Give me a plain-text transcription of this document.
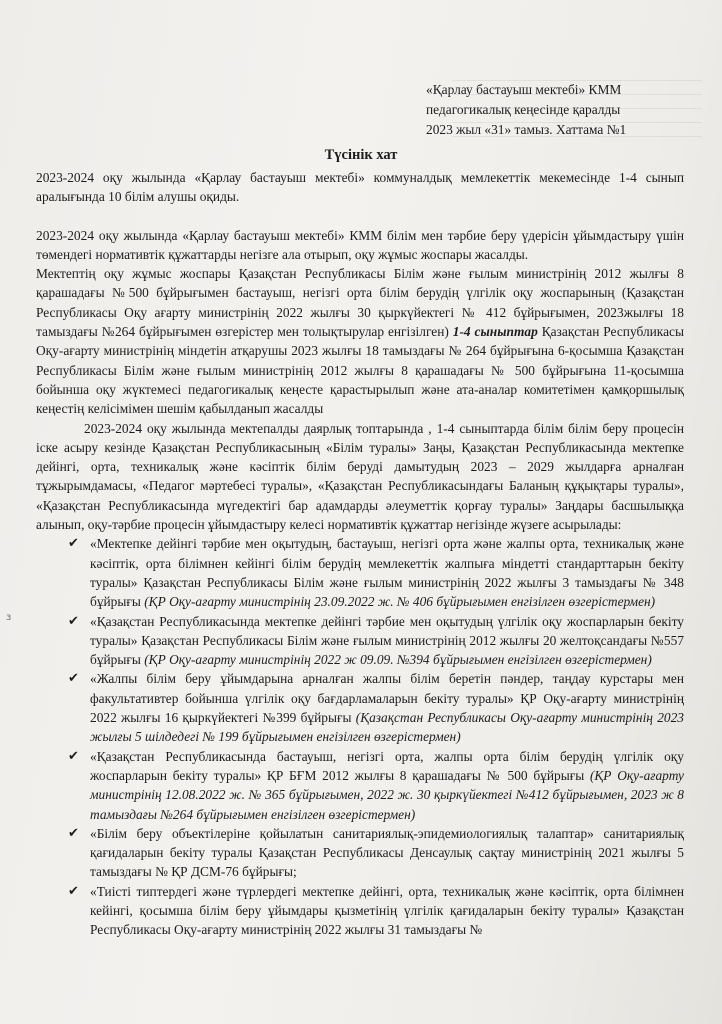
«Қарлау бастауыш мектебі» КММ
педагогикалық кеңесінде қаралды
2023 жыл «31» тамыз. Хаттама №1
Түсінік хат

2023-2024 оқу жылында «Қарлау бастауыш мектебі» коммуналдық мемлекеттік мекемесінде 1-4 сынып аралығында 10 білім алушы оқиды.

2023-2024 оқу жылында «Қарлау бастауыш мектебі» КММ білім мен тәрбие беру үдерісін ұйымдастыру үшін төмендегі нормативтік құжаттарды негізге ала отырып, оқу жұмыс жоспары жасалды.

Мектептің оқу жұмыс жоспары Қазақстан Республикасы Білім және ғылым министрінің 2012 жылғы 8 қарашадағы №500 бұйрығымен бастауыш, негізгі орта білім берудің үлгілік оқу жоспарының (Қазақстан Республикасы Оқу ағарту министрінің 2022 жылғы 30 қыркүйектегі № 412 бұйрығымен, 2023жылғы 18 тамыздағы №264 бұйрығымен өзгерістер мен толықтырулар енгізілген) 1-4 сыныптар Қазақстан Республикасы Оқу-ағарту министрінің міндетін атқарушы 2023 жылғы 18 тамыздағы № 264 бұйрығына 6-қосымша Қазақстан Республикасы Білім және ғылым министрінің 2012 жылғы 8 қарашадағы № 500 бұйрығына 11-қосымша бойынша оқу жүктемесі педагогикалық кеңесте қарастырылып және ата-аналар комитетімен қамқоршылық кеңестің келісімімен шешім қабылданып жасалды

2023-2024 оқу жылында мектепалды даярлық топтарында , 1-4 сыныптарда білім білім беру процесін іске асыру кезінде Қазақстан Республикасының «Білім туралы» Заңы, Қазақстан Республикасында мектепке дейінгі, орта, техникалық және кәсіптік білім беруді дамытудың 2023 – 2029 жылдарға арналған тұжырымдамасы, «Педагог мәртебесі туралы», «Қазақстан Республикасындағы Баланың құқықтары туралы», «Қазақстан Республикасында мүгедектігі бар адамдарды әлеуметтік қорғау туралы» Заңдары басшылыққа алынып, оқу-тәрбие процесін ұйымдастыру келесі нормативтік құжаттар негізінде жүзеге асырылады:

✔ «Мектепке дейінгі тәрбие мен оқытудың, бастауыш, негізгі орта және жалпы орта, техникалық және кәсіптік, орта білімнен кейінгі білім берудің мемлекеттік жалпыға міндетті стандарттарын бекіту туралы» Қазақстан Республикасы Білім және ғылым министрінің 2022 жылғы 3 тамыздағы № 348 бұйрығы (ҚР Оқу-ағарту министрінің 23.09.2022 ж. № 406 бұйрығымен енгізілген өзгерістермен)
✔ «Қазақстан Республикасында мектепке дейінгі тәрбие мен оқытудың үлгілік оқу жоспарларын бекіту туралы» Қазақстан Республикасы Білім және ғылым министрінің 2012 жылғы 20 желтоқсандағы №557 бұйрығы (ҚР Оқу-ағарту министрінің 2022 ж 09.09. №394 бұйрығымен енгізілген өзгерістермен)
✔ «Жалпы білім беру ұйымдарына арналған жалпы білім беретін пәндер, таңдау курстары мен факультативтер бойынша үлгілік оқу бағдарламаларын бекіту туралы» ҚР Оқу-ағарту министрінің 2022 жылғы 16 қыркүйектегі №399 бұйрығы (Қазақстан Республикасы Оқу-ағарту министрінің 2023 жылғы 5 шілдедегі № 199 бұйрығымен енгізілген өзгерістермен)
✔ «Қазақстан Республикасында бастауыш, негізгі орта, жалпы орта білім берудің үлгілік оқу жоспарларын бекіту туралы» ҚР БҒМ 2012 жылғы 8 қарашадағы № 500 бұйрығы (ҚР Оқу-ағарту министрінің 12.08.2022 ж. № 365 бұйрығымен, 2022 ж. 30 қыркүйектегі №412 бұйрығымен, 2023 ж 8 тамыздағы №264 бұйрығымен енгізілген өзгерістермен)
✔ «Білім беру объектілеріне қойылатын санитариялық-эпидемиологиялық талаптар» санитариялық қағидаларын бекіту туралы Қазақстан Республикасы Денсаулық сақтау министрінің 2021 жылғы 5 тамыздағы № ҚР ДСМ-76 бұйрығы;
✔ «Тиісті типтердегі және түрлердегі мектепке дейінгі, орта, техникалық және кәсіптік, орта білімнен кейінгі, қосымша білім беру ұйымдары қызметінің үлгілік қағидаларын бекіту туралы» Қазақстан Республикасы Оқу-ағарту министрінің 2022 жылғы 31 тамыздағы №
з
